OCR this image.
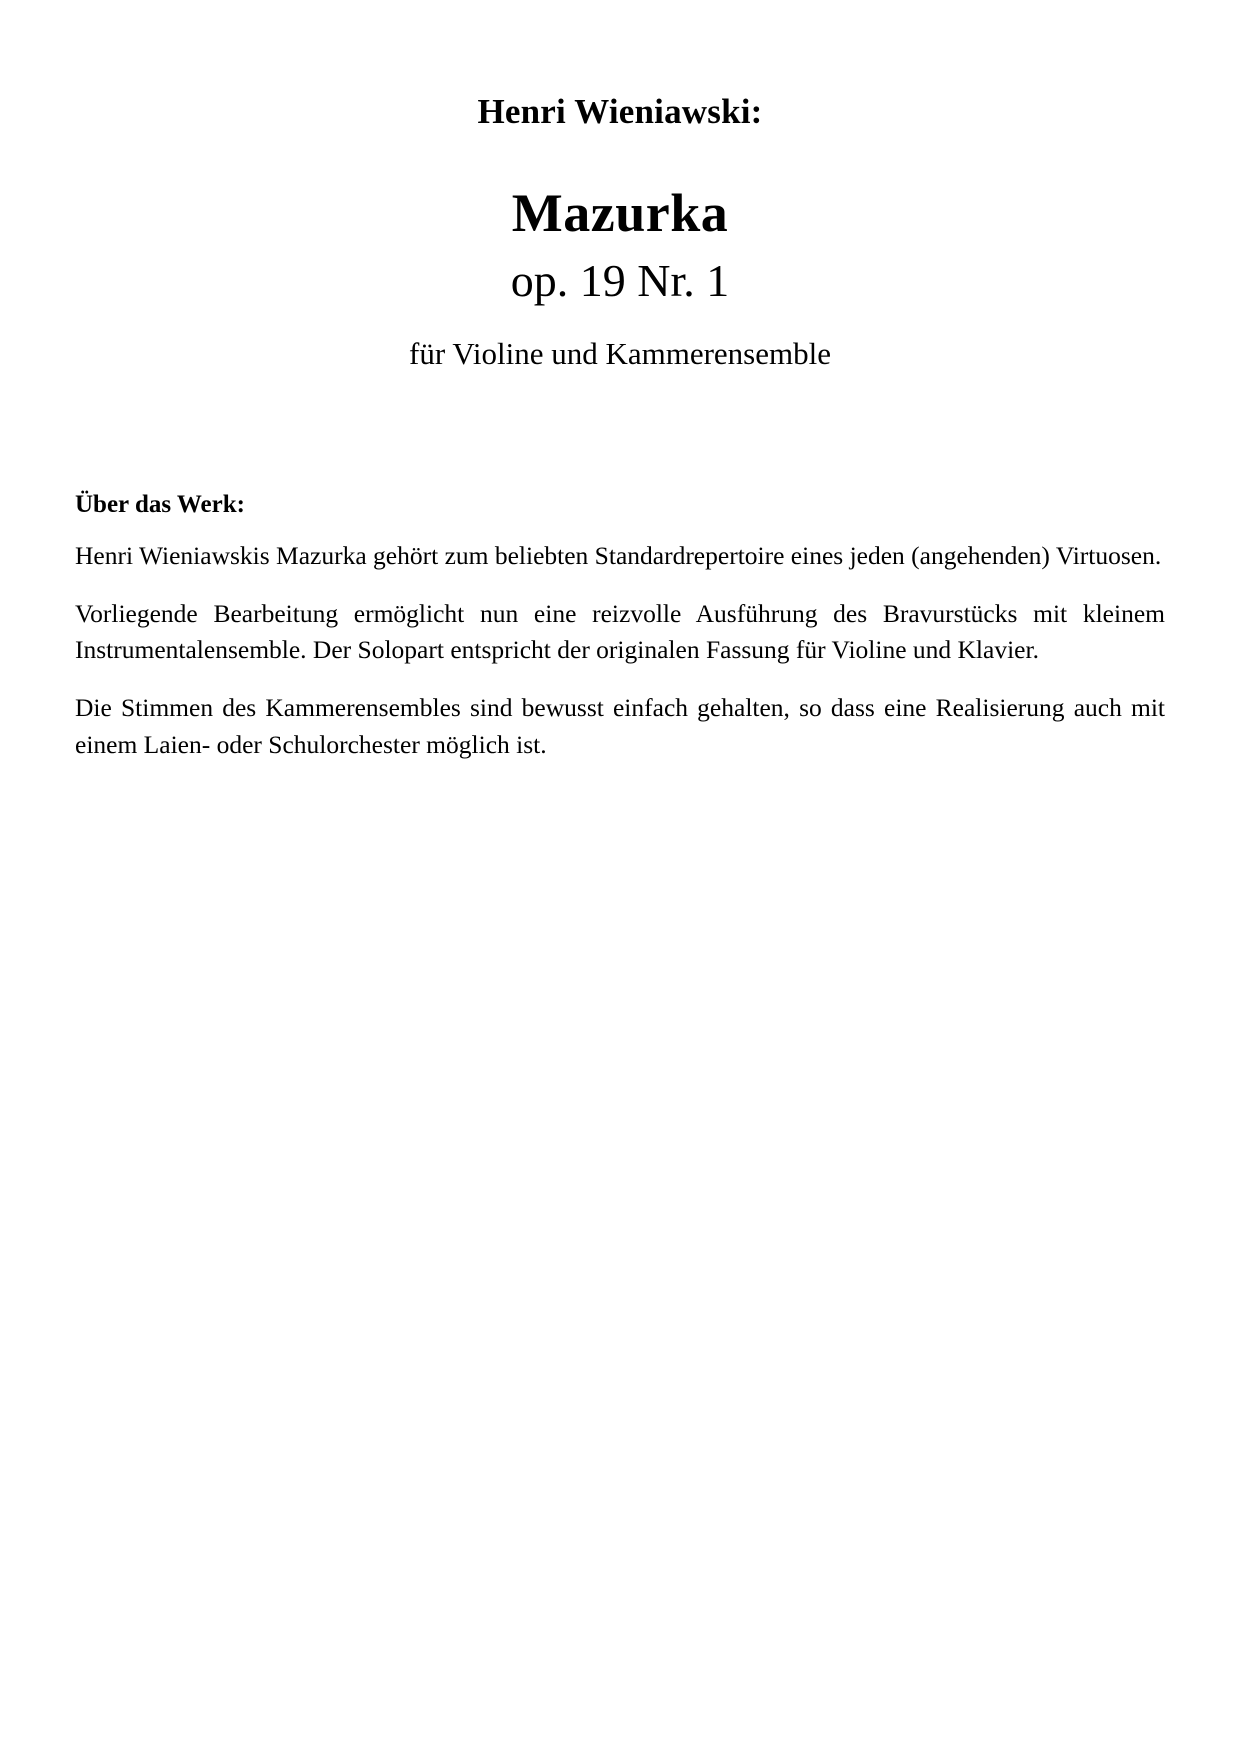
Henri Wieniawski:
Mazurka
op. 19 Nr. 1
für Violine und Kammerensemble
Über das Werk:

Henri Wieniawskis Mazurka gehört zum beliebten Standardrepertoire eines jeden (angehenden) Virtuosen.

Vorliegende Bearbeitung ermöglicht nun eine reizvolle Ausführung des Bravurstücks mit kleinem Instrumentalensemble. Der Solopart entspricht der originalen Fassung für Violine und Klavier.

Die Stimmen des Kammerensembles sind bewusst einfach gehalten, so dass eine Realisierung auch mit einem Laien- oder Schulorchester möglich ist.
